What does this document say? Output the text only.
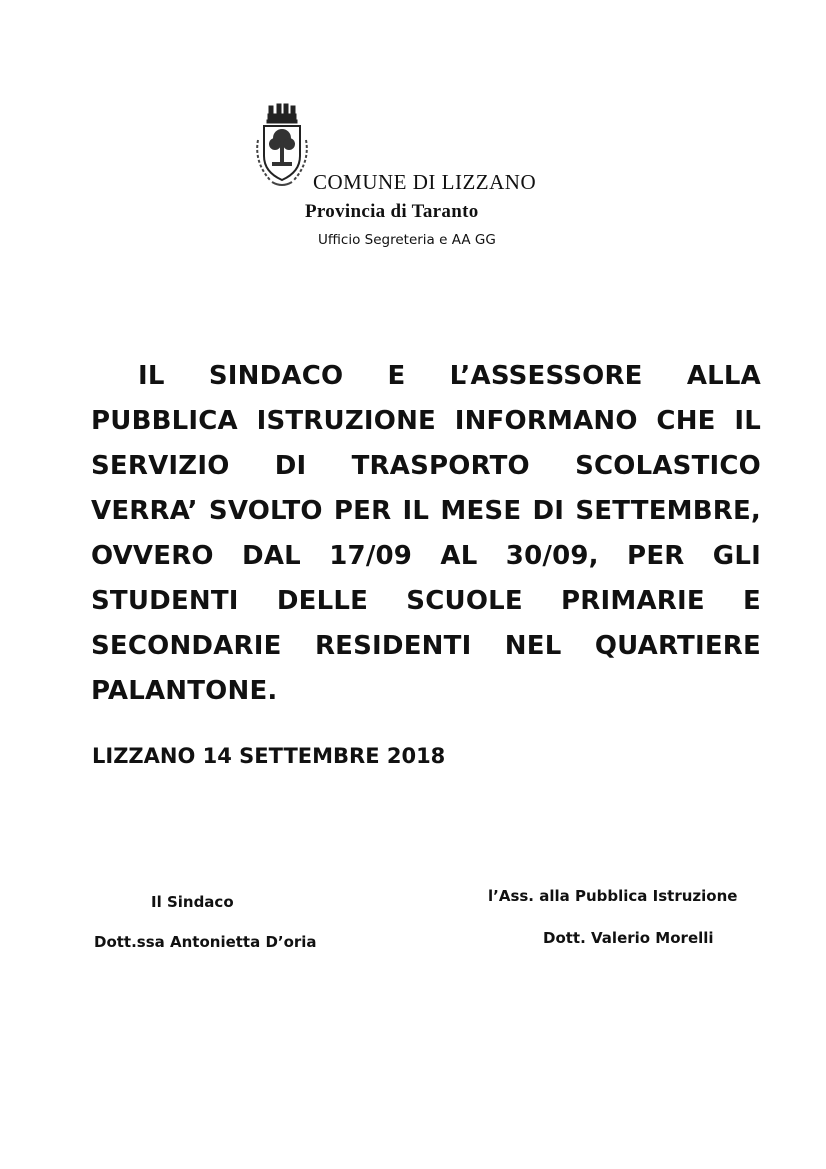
COMUNE DI LIZZANO
Provincia di Taranto
Ufficio Segreteria e AA GG

IL SINDACO E L’ASSESSORE ALLA PUBBLICA ISTRUZIONE INFORMANO CHE IL SERVIZIO DI TRASPORTO SCOLASTICO VERRA’ SVOLTO PER IL MESE DI SETTEMBRE, OVVERO DAL 17/09 AL 30/09, PER GLI STUDENTI DELLE SCUOLE PRIMARIE E SECONDARIE RESIDENTI NEL QUARTIERE PALANTONE.

LIZZANO 14 SETTEMBRE 2018
Il Sindaco
Dott.ssa Antonietta D’oria
l’Ass. alla Pubblica Istruzione
Dott. Valerio Morelli
